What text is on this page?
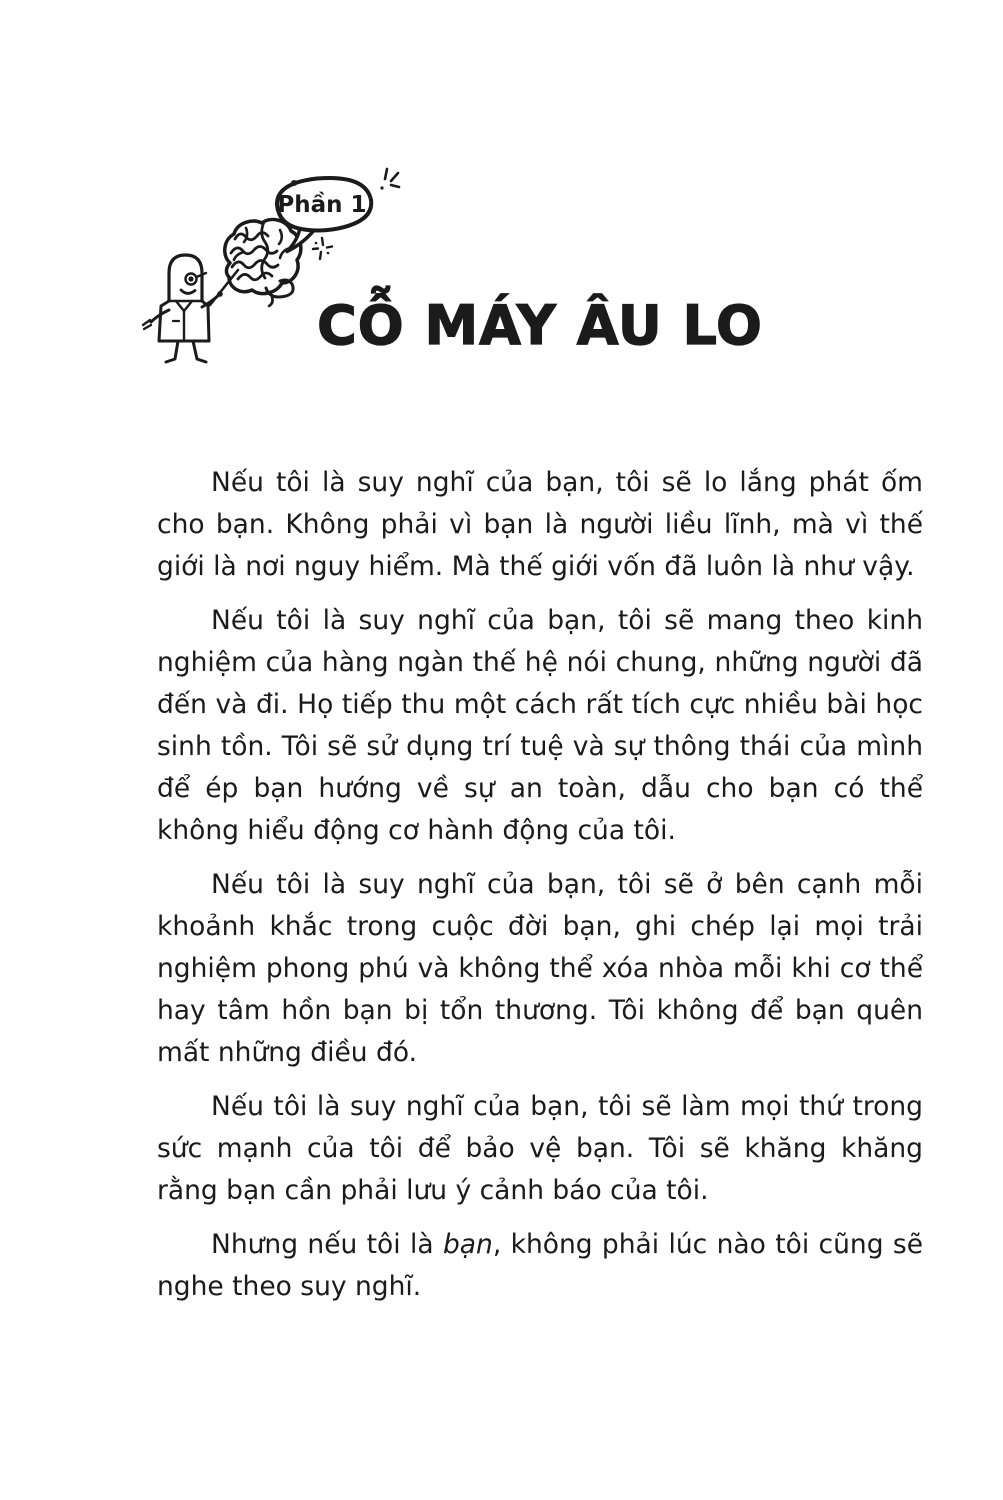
Phần 1
CỖ MÁY ÂU LO

Nếu tôi là suy nghĩ của bạn, tôi sẽ lo lắng phát ốm cho bạn. Không phải vì bạn là người liều lĩnh, mà vì thế giới là nơi nguy hiểm. Mà thế giới vốn đã luôn là như vậy.

Nếu tôi là suy nghĩ của bạn, tôi sẽ mang theo kinh nghiệm của hàng ngàn thế hệ nói chung, những người đã đến và đi. Họ tiếp thu một cách rất tích cực nhiều bài học sinh tồn. Tôi sẽ sử dụng trí tuệ và sự thông thái của mình để ép bạn hướng về sự an toàn, dẫu cho bạn có thể không hiểu động cơ hành động của tôi.

Nếu tôi là suy nghĩ của bạn, tôi sẽ ở bên cạnh mỗi khoảnh khắc trong cuộc đời bạn, ghi chép lại mọi trải nghiệm phong phú và không thể xóa nhòa mỗi khi cơ thể hay tâm hồn bạn bị tổn thương. Tôi không để bạn quên mất những điều đó.

Nếu tôi là suy nghĩ của bạn, tôi sẽ làm mọi thứ trong sức mạnh của tôi để bảo vệ bạn. Tôi sẽ khăng khăng rằng bạn cần phải lưu ý cảnh báo của tôi.

Nhưng nếu tôi là bạn, không phải lúc nào tôi cũng sẽ nghe theo suy nghĩ.
